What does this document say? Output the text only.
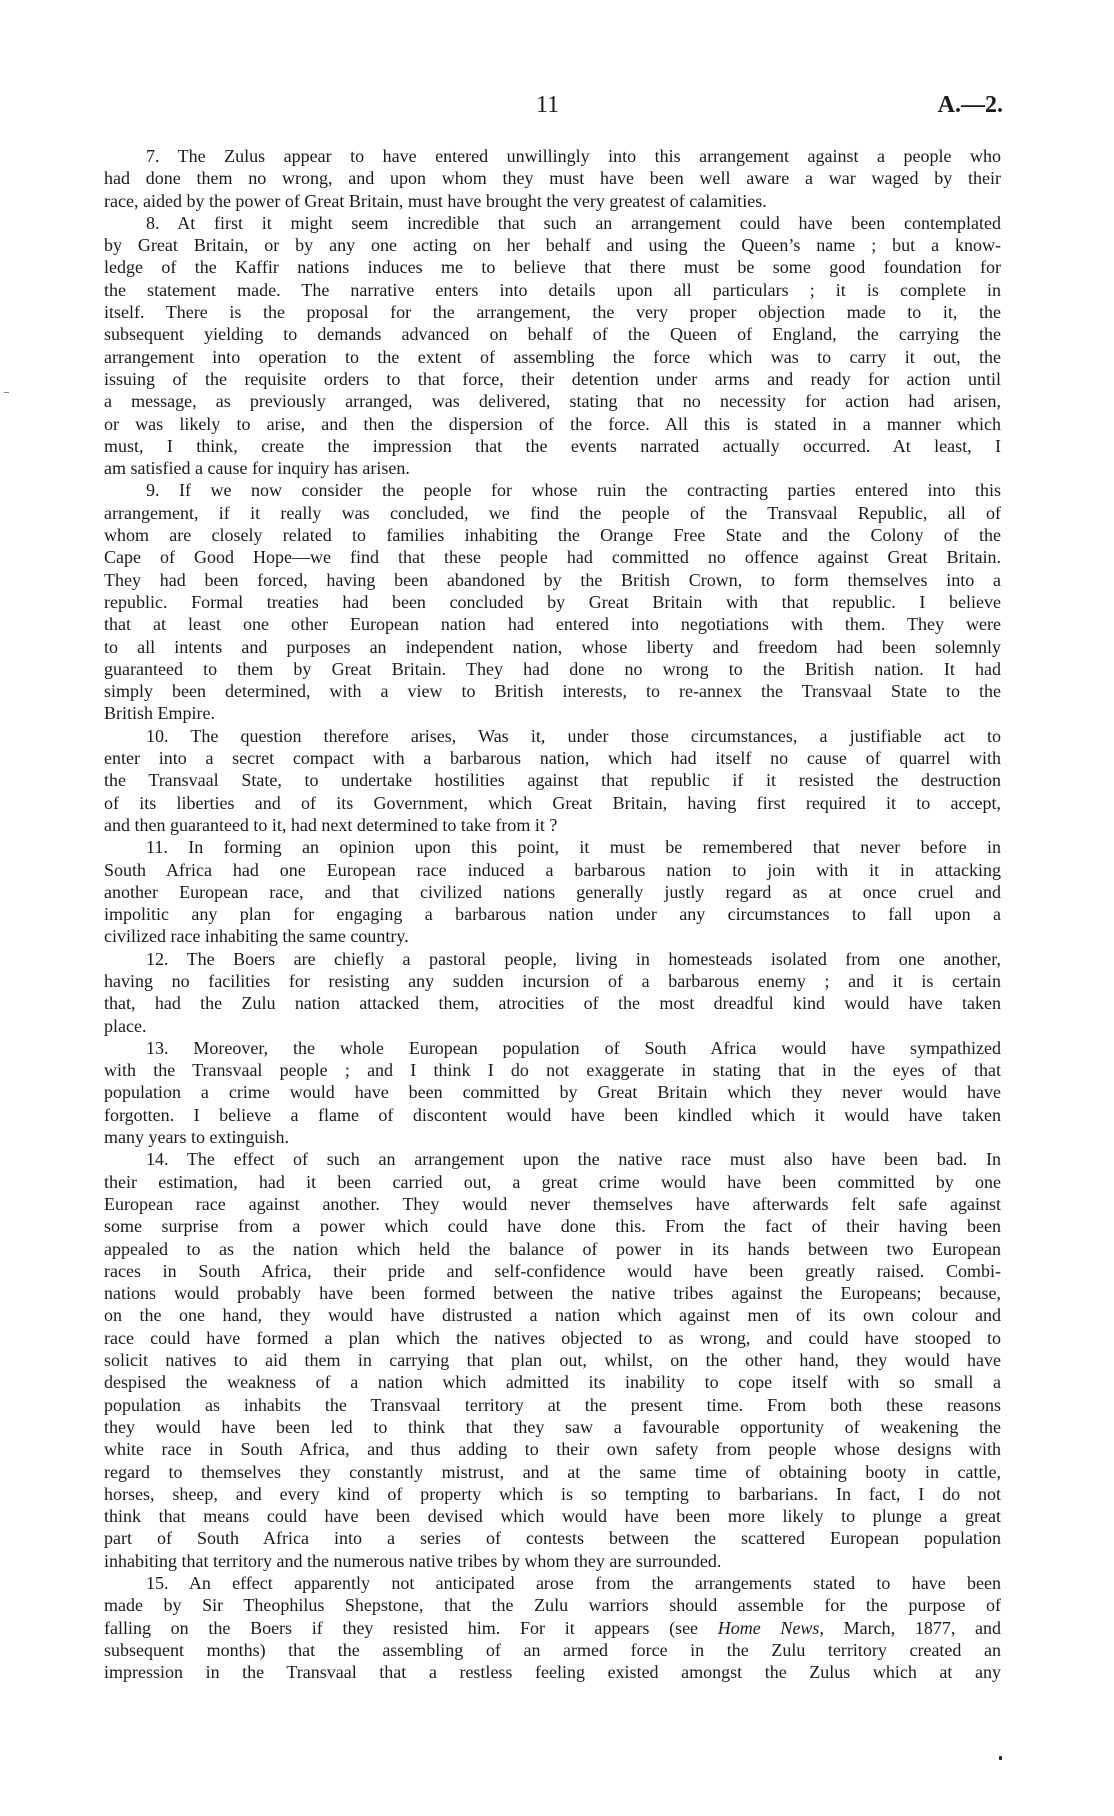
11	A.—2.
7. The Zulus appear to have entered unwillingly into this arrangement against a people who
had done them no wrong, and upon whom they must have been well aware a war waged by their
race, aided by the power of Great Britain, must have brought the very greatest of calamities.
8. At first it might seem incredible that such an arrangement could have been contemplated
by Great Britain, or by any one acting on her behalf and using the Queen’s name ; but a know-
ledge of the Kaffir nations induces me to believe that there must be some good foundation for
the statement made. The narrative enters into details upon all particulars ; it is complete in
itself. There is the proposal for the arrangement, the very proper objection made to it, the
subsequent yielding to demands advanced on behalf of the Queen of England, the carrying the
arrangement into operation to the extent of assembling the force which was to carry it out, the
issuing of the requisite orders to that force, their detention under arms and ready for action until
a message, as previously arranged, was delivered, stating that no necessity for action had arisen,
or was likely to arise, and then the dispersion of the force. All this is stated in a manner which
must, I think, create the impression that the events narrated actually occurred. At least, I
am satisfied a cause for inquiry has arisen.
9. If we now consider the people for whose ruin the contracting parties entered into this
arrangement, if it really was concluded, we find the people of the Transvaal Republic, all of
whom are closely related to families inhabiting the Orange Free State and the Colony of the
Cape of Good Hope—we find that these people had committed no offence against Great Britain.
They had been forced, having been abandoned by the British Crown, to form themselves into a
republic. Formal treaties had been concluded by Great Britain with that republic. I believe
that at least one other European nation had entered into negotiations with them. They were
to all intents and purposes an independent nation, whose liberty and freedom had been solemnly
guaranteed to them by Great Britain. They had done no wrong to the British nation. It had
simply been determined, with a view to British interests, to re-annex the Transvaal State to the
British Empire.
10. The question therefore arises, Was it, under those circumstances, a justifiable act to
enter into a secret compact with a barbarous nation, which had itself no cause of quarrel with
the Transvaal State, to undertake hostilities against that republic if it resisted the destruction
of its liberties and of its Government, which Great Britain, having first required it to accept,
and then guaranteed to it, had next determined to take from it ?
11. In forming an opinion upon this point, it must be remembered that never before in
South Africa had one European race induced a barbarous nation to join with it in attacking
another European race, and that civilized nations generally justly regard as at once cruel and
impolitic any plan for engaging a barbarous nation under any circumstances to fall upon a
civilized race inhabiting the same country.
12. The Boers are chiefly a pastoral people, living in homesteads isolated from one another,
having no facilities for resisting any sudden incursion of a barbarous enemy ; and it is certain
that, had the Zulu nation attacked them, atrocities of the most dreadful kind would have taken
place.
13. Moreover, the whole European population of South Africa would have sympathized
with the Transvaal people ; and I think I do not exaggerate in stating that in the eyes of that
population a crime would have been committed by Great Britain which they never would have
forgotten. I believe a flame of discontent would have been kindled which it would have taken
many years to extinguish.
14. The effect of such an arrangement upon the native race must also have been bad. In
their estimation, had it been carried out, a great crime would have been committed by one
European race against another. They would never themselves have afterwards felt safe against
some surprise from a power which could have done this. From the fact of their having been
appealed to as the nation which held the balance of power in its hands between two European
races in South Africa, their pride and self-confidence would have been greatly raised. Combi-
nations would probably have been formed between the native tribes against the Europeans; because,
on the one hand, they would have distrusted a nation which against men of its own colour and
race could have formed a plan which the natives objected to as wrong, and could have stooped to
solicit natives to aid them in carrying that plan out, whilst, on the other hand, they would have
despised the weakness of a nation which admitted its inability to cope itself with so small a
population as inhabits the Transvaal territory at the present time. From both these reasons
they would have been led to think that they saw a favourable opportunity of weakening the
white race in South Africa, and thus adding to their own safety from people whose designs with
regard to themselves they constantly mistrust, and at the same time of obtaining booty in cattle,
horses, sheep, and every kind of property which is so tempting to barbarians. In fact, I do not
think that means could have been devised which would have been more likely to plunge a great
part of South Africa into a series of contests between the scattered European population
inhabiting that territory and the numerous native tribes by whom they are surrounded.
15. An effect apparently not anticipated arose from the arrangements stated to have been
made by Sir Theophilus Shepstone, that the Zulu warriors should assemble for the purpose of
falling on the Boers if they resisted him. For it appears (see Home News, March, 1877, and
subsequent months) that the assembling of an armed force in the Zulu territory created an
impression in the Transvaal that a restless feeling existed amongst the Zulus which at any
